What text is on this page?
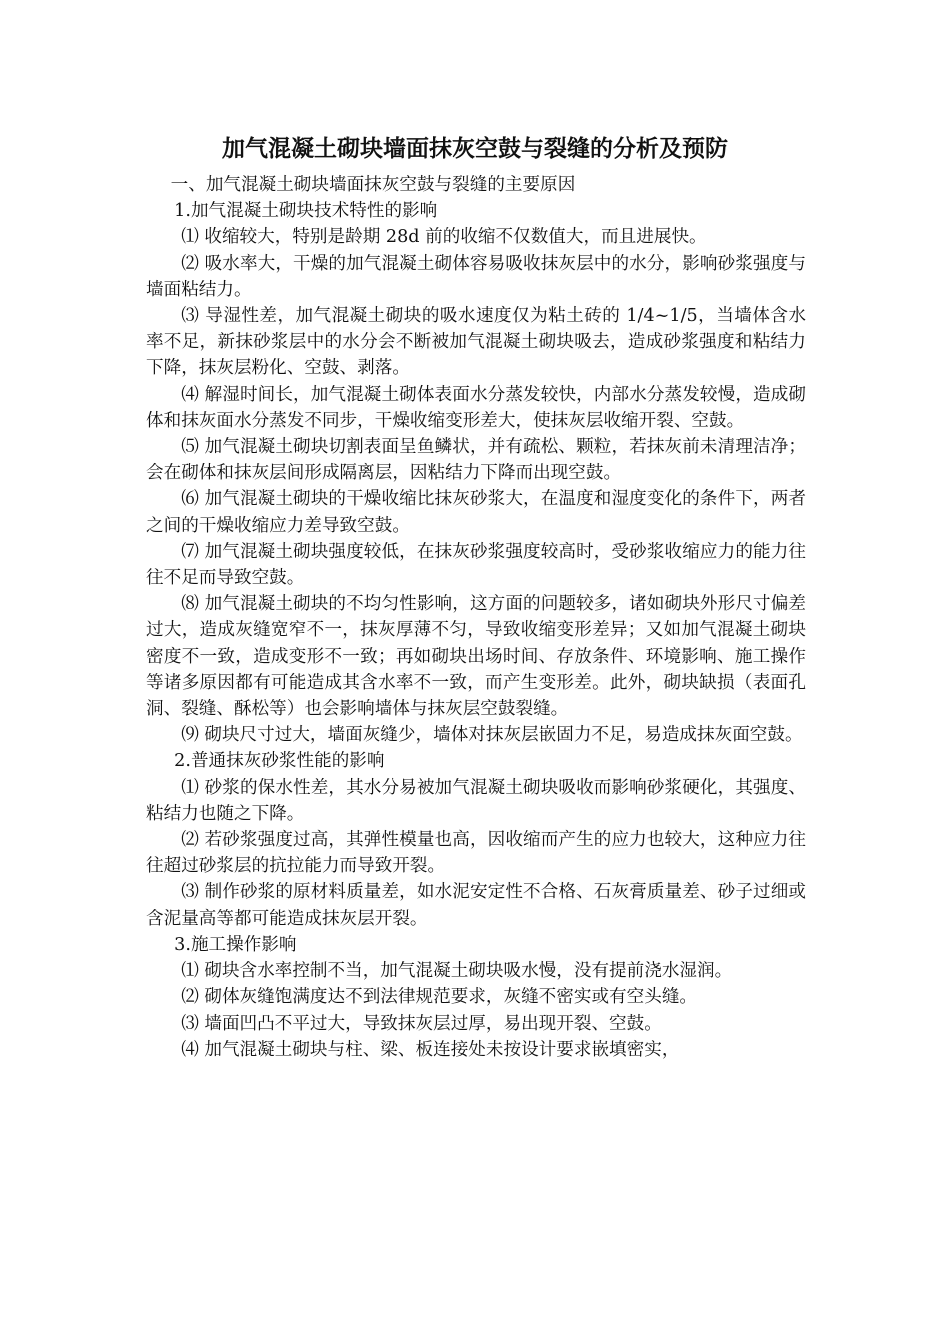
加气混凝土砌块墙面抹灰空鼓与裂缝的分析及预防

一、加气混凝土砌块墙面抹灰空鼓与裂缝的主要原因

1.加气混凝土砌块技术特性的影响

⑴ 收缩较大，特别是龄期 28d 前的收缩不仅数值大，而且进展快。

⑵ 吸水率大，干燥的加气混凝土砌体容易吸收抹灰层中的水分，影响砂浆强度与墙面粘结力。

⑶ 导湿性差，加气混凝土砌块的吸水速度仅为粘土砖的 1/4~1/5，当墙体含水率不足，新抹砂浆层中的水分会不断被加气混凝土砌块吸去，造成砂浆强度和粘结力下降，抹灰层粉化、空鼓、剥落。

⑷ 解湿时间长，加气混凝土砌体表面水分蒸发较快，内部水分蒸发较慢，造成砌体和抹灰面水分蒸发不同步，干燥收缩变形差大，使抹灰层收缩开裂、空鼓。

⑸ 加气混凝土砌块切割表面呈鱼鳞状，并有疏松、颗粒，若抹灰前未清理洁净；会在砌体和抹灰层间形成隔离层，因粘结力下降而出现空鼓。

⑹ 加气混凝土砌块的干燥收缩比抹灰砂浆大，在温度和湿度变化的条件下，两者之间的干燥收缩应力差导致空鼓。

⑺ 加气混凝土砌块强度较低，在抹灰砂浆强度较高时，受砂浆收缩应力的能力往往不足而导致空鼓。

⑻ 加气混凝土砌块的不均匀性影响，这方面的问题较多，诸如砌块外形尺寸偏差过大，造成灰缝宽窄不一，抹灰厚薄不匀，导致收缩变形差异；又如加气混凝土砌块密度不一致，造成变形不一致；再如砌块出场时间、存放条件、环境影响、施工操作等诸多原因都有可能造成其含水率不一致，而产生变形差。此外，砌块缺损（表面孔洞、裂缝、酥松等）也会影响墙体与抹灰层空鼓裂缝。

⑼ 砌块尺寸过大，墙面灰缝少，墙体对抹灰层嵌固力不足，易造成抹灰面空鼓。

2.普通抹灰砂浆性能的影响

⑴ 砂浆的保水性差，其水分易被加气混凝土砌块吸收而影响砂浆硬化，其强度、粘结力也随之下降。

⑵ 若砂浆强度过高，其弹性模量也高，因收缩而产生的应力也较大，这种应力往往超过砂浆层的抗拉能力而导致开裂。

⑶ 制作砂浆的原材料质量差，如水泥安定性不合格、石灰膏质量差、砂子过细或含泥量高等都可能造成抹灰层开裂。

3.施工操作影响

⑴ 砌块含水率控制不当，加气混凝土砌块吸水慢，没有提前浇水湿润。

⑵ 砌体灰缝饱满度达不到法律规范要求，灰缝不密实或有空头缝。

⑶ 墙面凹凸不平过大，导致抹灰层过厚，易出现开裂、空鼓。

⑷ 加气混凝土砌块与柱、梁、板连接处未按设计要求嵌填密实，
